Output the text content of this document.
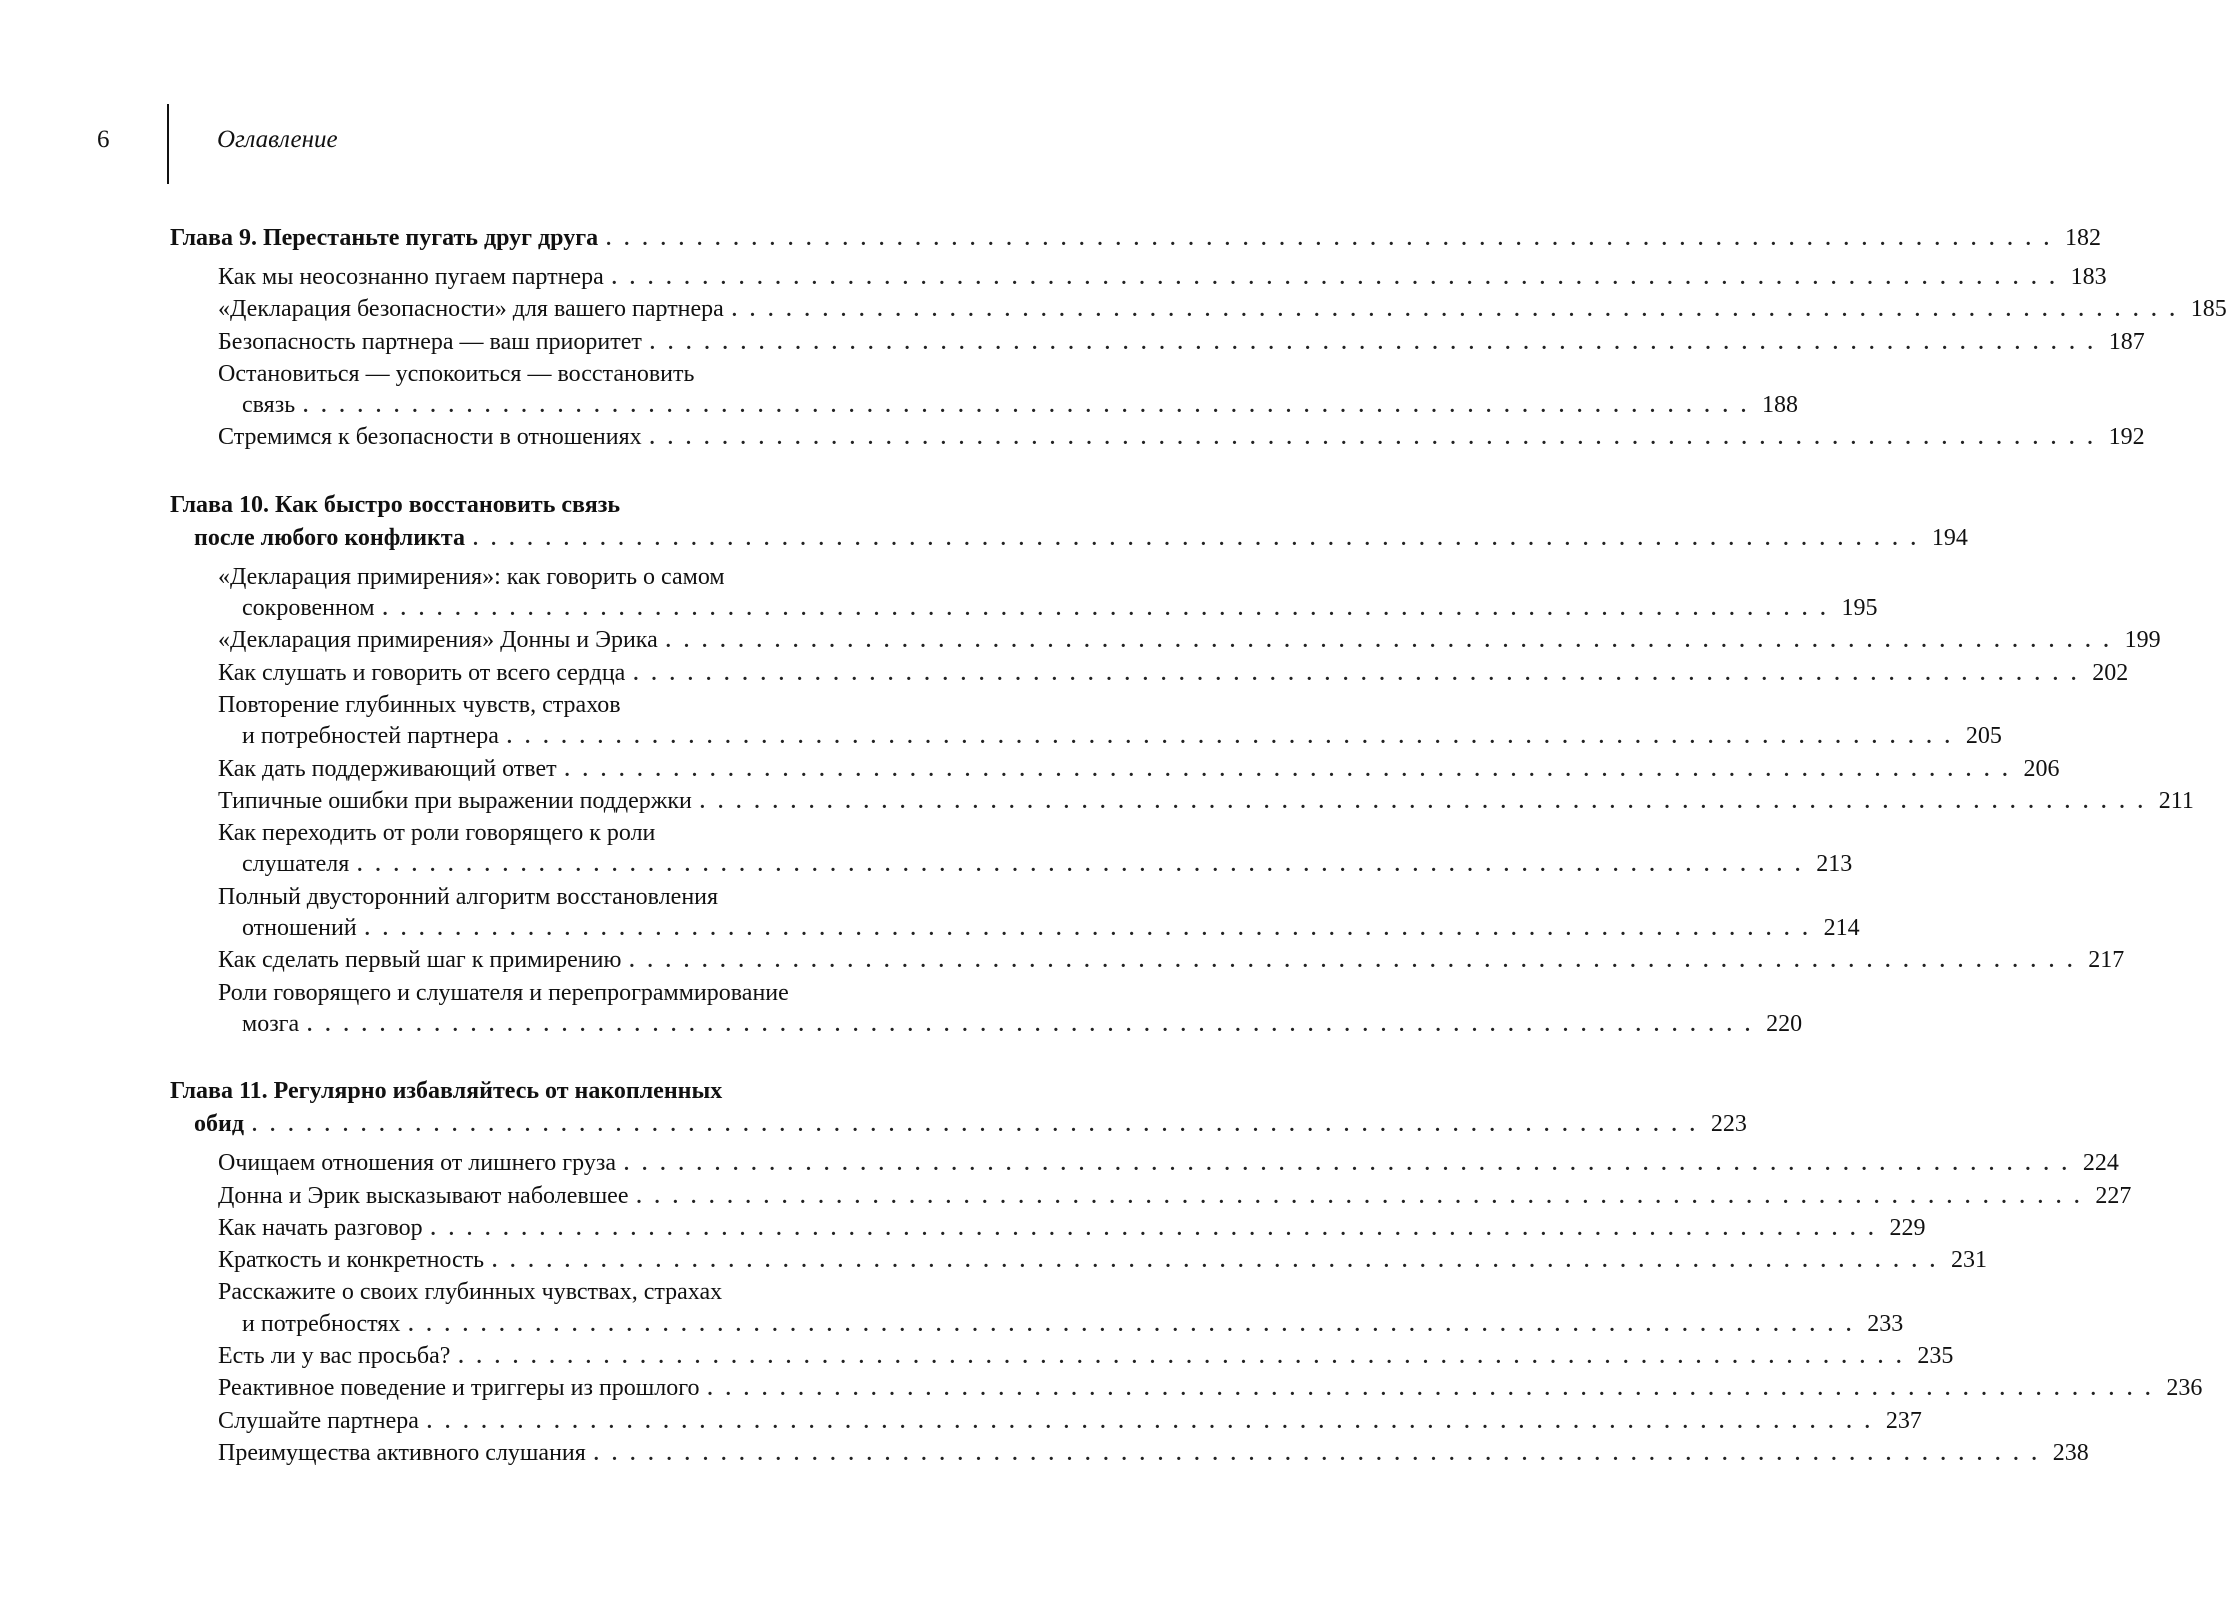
6	Оглавление
Глава 9. Перестаньте пугать друг друга . . . . . . . . . . . . . . . . . . . . . . . . . . . . . . . . . . . . . . . . . . . . . . . . . . . . . . . . . . . . . . . . . . . . . . . . . . . . . . . . 182
Как мы неосознанно пугаем партнера . . . . . . . . . . . . . . . . . . . . . . . . . . . . . . . . . . . . . . . . . . . . . . . . . . . . . . . . . . . . . . . . . . . . . . . . . . . . . . . . 183
«Декларация безопасности» для вашего партнера . . . . . . . . . . . . . . . . . . . . . . . . . . . . . . . . . . . . . . . . . . . . . . . . . . . . . . . . . . . . . . . . . . . . . . . . . . . . . . . . 185
Безопасность партнера — ваш приоритет . . . . . . . . . . . . . . . . . . . . . . . . . . . . . . . . . . . . . . . . . . . . . . . . . . . . . . . . . . . . . . . . . . . . . . . . . . . . . . . . 187
Остановиться — успокоиться — восстановить
связь . . . . . . . . . . . . . . . . . . . . . . . . . . . . . . . . . . . . . . . . . . . . . . . . . . . . . . . . . . . . . . . . . . . . . . . . . . . . . . . . 188
Стремимся к безопасности в отношениях . . . . . . . . . . . . . . . . . . . . . . . . . . . . . . . . . . . . . . . . . . . . . . . . . . . . . . . . . . . . . . . . . . . . . . . . . . . . . . . . 192
Глава 10. Как быстро восстановить связь
после любого конфликта . . . . . . . . . . . . . . . . . . . . . . . . . . . . . . . . . . . . . . . . . . . . . . . . . . . . . . . . . . . . . . . . . . . . . . . . . . . . . . . . 194
«Декларация примирения»: как говорить о самом
сокровенном . . . . . . . . . . . . . . . . . . . . . . . . . . . . . . . . . . . . . . . . . . . . . . . . . . . . . . . . . . . . . . . . . . . . . . . . . . . . . . . . 195
«Декларация примирения» Донны и Эрика . . . . . . . . . . . . . . . . . . . . . . . . . . . . . . . . . . . . . . . . . . . . . . . . . . . . . . . . . . . . . . . . . . . . . . . . . . . . . . . . 199
Как слушать и говорить от всего сердца . . . . . . . . . . . . . . . . . . . . . . . . . . . . . . . . . . . . . . . . . . . . . . . . . . . . . . . . . . . . . . . . . . . . . . . . . . . . . . . . 202
Повторение глубинных чувств, страхов
и потребностей партнера . . . . . . . . . . . . . . . . . . . . . . . . . . . . . . . . . . . . . . . . . . . . . . . . . . . . . . . . . . . . . . . . . . . . . . . . . . . . . . . . 205
Как дать поддерживающий ответ . . . . . . . . . . . . . . . . . . . . . . . . . . . . . . . . . . . . . . . . . . . . . . . . . . . . . . . . . . . . . . . . . . . . . . . . . . . . . . . . 206
Типичные ошибки при выражении поддержки . . . . . . . . . . . . . . . . . . . . . . . . . . . . . . . . . . . . . . . . . . . . . . . . . . . . . . . . . . . . . . . . . . . . . . . . . . . . . . . . 211
Как переходить от роли говорящего к роли
слушателя . . . . . . . . . . . . . . . . . . . . . . . . . . . . . . . . . . . . . . . . . . . . . . . . . . . . . . . . . . . . . . . . . . . . . . . . . . . . . . . . 213
Полный двусторонний алгоритм восстановления
отношений . . . . . . . . . . . . . . . . . . . . . . . . . . . . . . . . . . . . . . . . . . . . . . . . . . . . . . . . . . . . . . . . . . . . . . . . . . . . . . . . 214
Как сделать первый шаг к примирению . . . . . . . . . . . . . . . . . . . . . . . . . . . . . . . . . . . . . . . . . . . . . . . . . . . . . . . . . . . . . . . . . . . . . . . . . . . . . . . . 217
Роли говорящего и слушателя и перепрограммирование
мозга . . . . . . . . . . . . . . . . . . . . . . . . . . . . . . . . . . . . . . . . . . . . . . . . . . . . . . . . . . . . . . . . . . . . . . . . . . . . . . . . 220
Глава 11. Регулярно избавляйтесь от накопленных
обид . . . . . . . . . . . . . . . . . . . . . . . . . . . . . . . . . . . . . . . . . . . . . . . . . . . . . . . . . . . . . . . . . . . . . . . . . . . . . . . . 223
Очищаем отношения от лишнего груза . . . . . . . . . . . . . . . . . . . . . . . . . . . . . . . . . . . . . . . . . . . . . . . . . . . . . . . . . . . . . . . . . . . . . . . . . . . . . . . . 224
Донна и Эрик высказывают наболевшее . . . . . . . . . . . . . . . . . . . . . . . . . . . . . . . . . . . . . . . . . . . . . . . . . . . . . . . . . . . . . . . . . . . . . . . . . . . . . . . . 227
Как начать разговор . . . . . . . . . . . . . . . . . . . . . . . . . . . . . . . . . . . . . . . . . . . . . . . . . . . . . . . . . . . . . . . . . . . . . . . . . . . . . . . . 229
Краткость и конкретность . . . . . . . . . . . . . . . . . . . . . . . . . . . . . . . . . . . . . . . . . . . . . . . . . . . . . . . . . . . . . . . . . . . . . . . . . . . . . . . . 231
Расскажите о своих глубинных чувствах, страхах
и потребностях . . . . . . . . . . . . . . . . . . . . . . . . . . . . . . . . . . . . . . . . . . . . . . . . . . . . . . . . . . . . . . . . . . . . . . . . . . . . . . . . 233
Есть ли у вас просьба? . . . . . . . . . . . . . . . . . . . . . . . . . . . . . . . . . . . . . . . . . . . . . . . . . . . . . . . . . . . . . . . . . . . . . . . . . . . . . . . . 235
Реактивное поведение и триггеры из прошлого . . . . . . . . . . . . . . . . . . . . . . . . . . . . . . . . . . . . . . . . . . . . . . . . . . . . . . . . . . . . . . . . . . . . . . . . . . . . . . . . 236
Слушайте партнера . . . . . . . . . . . . . . . . . . . . . . . . . . . . . . . . . . . . . . . . . . . . . . . . . . . . . . . . . . . . . . . . . . . . . . . . . . . . . . . . 237
Преимущества активного слушания . . . . . . . . . . . . . . . . . . . . . . . . . . . . . . . . . . . . . . . . . . . . . . . . . . . . . . . . . . . . . . . . . . . . . . . . . . . . . . . . 238
